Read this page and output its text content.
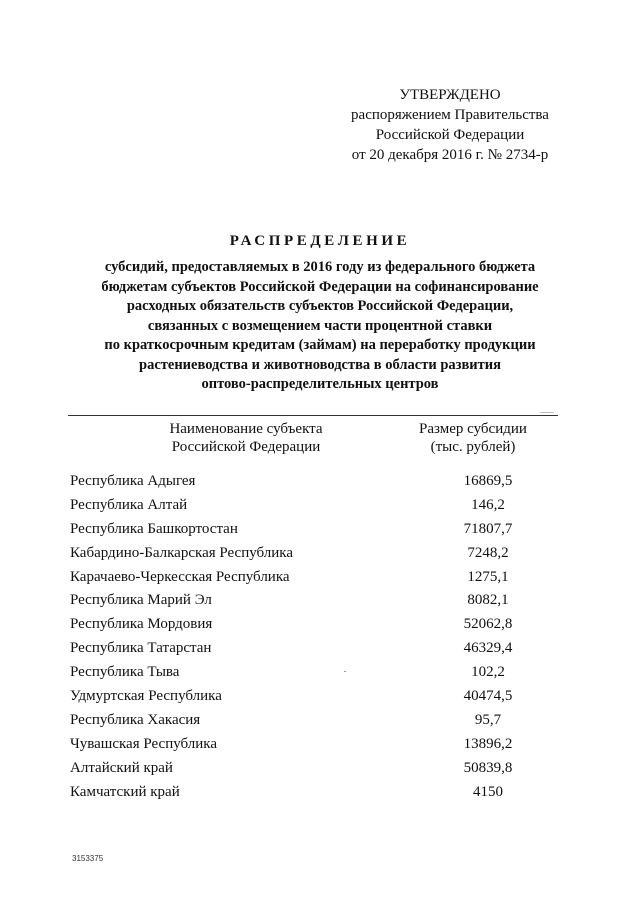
УТВЕРЖДЕНО
распоряжением Правительства
Российской Федерации
от 20 декабря 2016 г. № 2734-р
РАСПРЕДЕЛЕНИЕ
субсидий, предоставляемых в 2016 году из федерального бюджета
бюджетам субъектов Российской Федерации на софинансирование
расходных обязательств субъектов Российской Федерации,
связанных с возмещением части процентной ставки
по краткосрочным кредитам (займам) на переработку продукции
растениеводства и животноводства в области развития
оптово-распределительных центров
Наименование субъекта
Российской Федерации
Размер субсидии
(тыс. рублей)
Республика Адыгея	16869,5
Республика Алтай	146,2
Республика Башкортостан	71807,7
Кабардино-Балкарская Республика	7248,2
Карачаево-Черкесская Республика	1275,1
Республика Марий Эл	8082,1
Республика Мордовия	52062,8
Республика Татарстан	46329,4
Республика Тыва	102,2
Удмуртская Республика	40474,5
Республика Хакасия	95,7
Чувашская Республика	13896,2
Алтайский край	50839,8
Камчатский край	4150
3153375
